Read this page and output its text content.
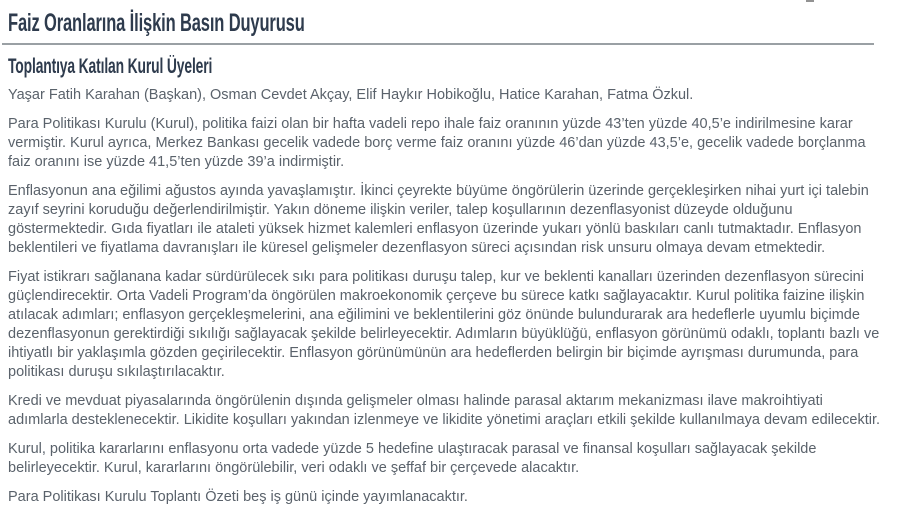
Faiz Oranlarına İlişkin Basın Duyurusu
Toplantıya Katılan Kurul Üyeleri

Yaşar Fatih Karahan (Başkan), Osman Cevdet Akçay, Elif Haykır Hobikoğlu, Hatice Karahan, Fatma Özkul.

Para Politikası Kurulu (Kurul), politika faizi olan bir hafta vadeli repo ihale faiz oranının yüzde 43’ten yüzde 40,5’e indirilmesine karar vermiştir. Kurul ayrıca, Merkez Bankası gecelik vadede borç verme faiz oranını yüzde 46’dan yüzde 43,5’e, gecelik vadede borçlanma faiz oranını ise yüzde 41,5’ten yüzde 39’a indirmiştir.

Enflasyonun ana eğilimi ağustos ayında yavaşlamıştır. İkinci çeyrekte büyüme öngörülerin üzerinde gerçekleşirken nihai yurt içi talebin zayıf seyrini koruduğu değerlendirilmiştir. Yakın döneme ilişkin veriler, talep koşullarının dezenflasyonist düzeyde olduğunu göstermektedir. Gıda fiyatları ile ataleti yüksek hizmet kalemleri enflasyon üzerinde yukarı yönlü baskıları canlı tutmaktadır. Enflasyon beklentileri ve fiyatlama davranışları ile küresel gelişmeler dezenflasyon süreci açısından risk unsuru olmaya devam etmektedir.

Fiyat istikrarı sağlanana kadar sürdürülecek sıkı para politikası duruşu talep, kur ve beklenti kanalları üzerinden dezenflasyon sürecini güçlendirecektir. Orta Vadeli Program’da öngörülen makroekonomik çerçeve bu sürece katkı sağlayacaktır. Kurul politika faizine ilişkin atılacak adımları; enflasyon gerçekleşmelerini, ana eğilimini ve beklentilerini göz önünde bulundurarak ara hedeflerle uyumlu biçimde dezenflasyonun gerektirdiği sıkılığı sağlayacak şekilde belirleyecektir. Adımların büyüklüğü, enflasyon görünümü odaklı, toplantı bazlı ve ihtiyatlı bir yaklaşımla gözden geçirilecektir. Enflasyon görünümünün ara hedeflerden belirgin bir biçimde ayrışması durumunda, para politikası duruşu sıkılaştırılacaktır.

Kredi ve mevduat piyasalarında öngörülenin dışında gelişmeler olması halinde parasal aktarım mekanizması ilave makroihtiyati adımlarla desteklenecektir. Likidite koşulları yakından izlenmeye ve likidite yönetimi araçları etkili şekilde kullanılmaya devam edilecektir.

Kurul, politika kararlarını enflasyonu orta vadede yüzde 5 hedefine ulaştıracak parasal ve finansal koşulları sağlayacak şekilde belirleyecektir. Kurul, kararlarını öngörülebilir, veri odaklı ve şeffaf bir çerçevede alacaktır.

Para Politikası Kurulu Toplantı Özeti beş iş günü içinde yayımlanacaktır.
